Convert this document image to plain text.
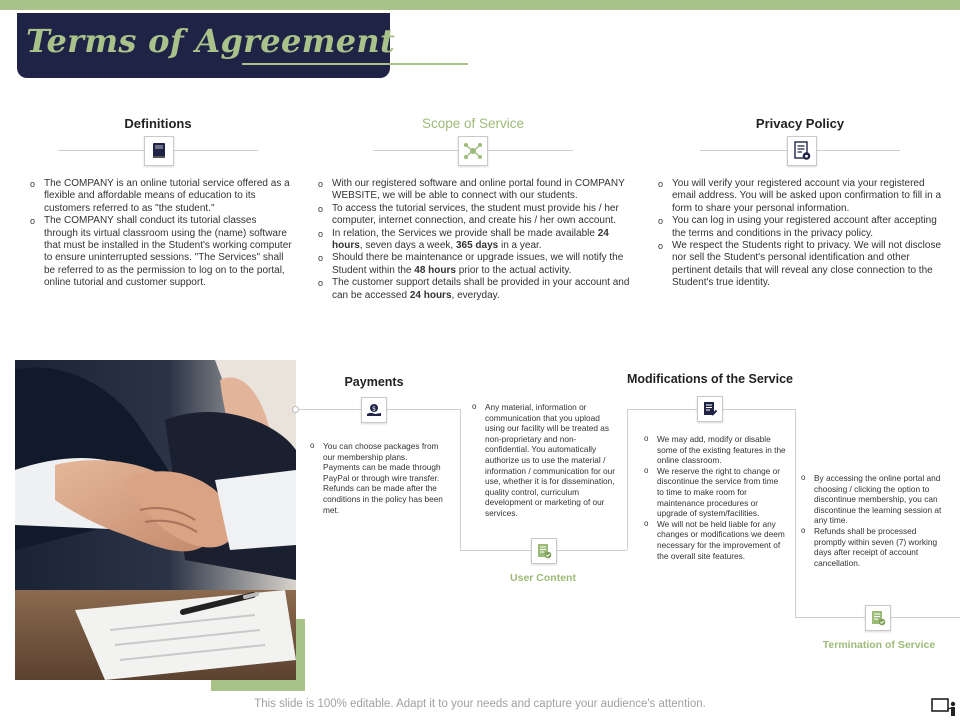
Terms of Agreement
Definitions
o The COMPANY is an online tutorial service offered as a flexible and affordable means of education to its customers referred to as "the student."
o The COMPANY shall conduct its tutorial classes through its virtual classroom using the (name) software that must be installed in the Student's working computer to ensure uninterrupted sessions. "The Services" shall be referred to as the permission to log on to the portal, online tutorial and customer support.
Scope of Service
o With our registered software and online portal found in COMPANY WEBSITE, we will be able to connect with our students.
o To access the tutorial services, the student must provide his / her computer, internet connection, and create his / her own account.
o In relation, the Services we provide shall be made available 24 hours, seven days a week, 365 days in a year.
o Should there be maintenance or upgrade issues, we will notify the Student within the 48 hours prior to the actual activity.
o The customer support details shall be provided in your account and can be accessed 24 hours, everyday.
Privacy Policy
o You will verify your registered account via your registered email address. You will be asked upon confirmation to fill in a form to share your personal information.
o You can log in using your registered account after accepting the terms and conditions in the privacy policy.
o We respect the Students right to privacy. We will not disclose nor sell the Student's personal identification and other pertinent details that will reveal any close connection to the Student's true identity.
Payments
$
o You can choose packages from our membership plans. Payments can be made through PayPal or through wire transfer. Refunds can be made after the conditions in the policy has been met.
o Any material, information or communication that you upload using our facility will be treated as non-proprietary and non-confidential. You automatically authorize us to use the material / information / communication for our use, whether it is for dissemination, quality control, curriculum development or marketing of our services.
User Content
Modifications of the Service
o We may add, modify or disable some of the existing features in the online classroom.
o We reserve the right to change or discontinue the service from time to time to make room for maintenance procedures or upgrade of system/facilities.
o We will not be held liable for any changes or modifications we deem necessary for the improvement of the overall site features.
o By accessing the online portal and choosing / clicking the option to discontinue membership, you can discontinue the learning session at any time.
o Refunds shall be processed promptly within seven (7) working days after receipt of account cancellation.
Termination of Service
This slide is 100% editable. Adapt it to your needs and capture your audience's attention.
